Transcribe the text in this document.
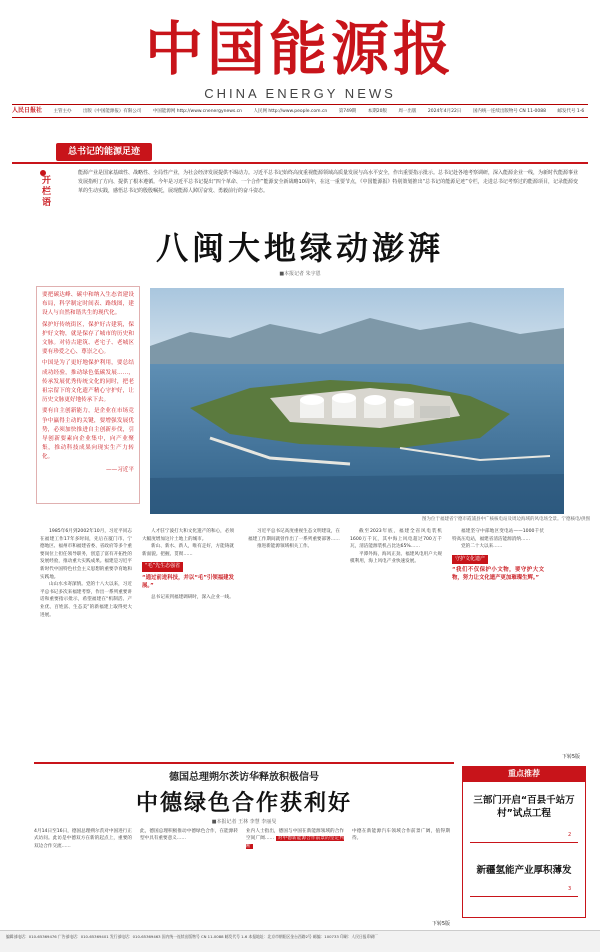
中国能源报
CHINA ENERGY NEWS
人民日报社	主管主办	出版《中国能源报》有限公司	中国能源网 http://www.cnenergynews.cn	人民网 http://www.people.com.cn	第749期	本期20版	周一出版	2024年4月22日	国内统一连续出版物号 CN 11-0088	邮发代号 1-6
总书记的能源足迹
开栏语
能源产业是国家基础性、战略性、全局性产业，为社会经济发展提供不竭动力。习近平总书记始终高度重视能源领域高质量发展与高水平安全，作出重要指示批示。总书记赴各地考察调研，深入能源企业一线，为新时代能源事业发展指明了方向、提供了根本遵循。今年是习近平总书记提出“四个革命、一个合作”能源安全新战略10周年，在这一重要节点，《中国能源报》特别策划推出“总书记的能源足迹”专栏，走进总书记考察过的能源项目，记录能源变革的生动实践，感悟总书记的殷殷嘱托，展现能源人踔厉奋发、勇毅前行的奋斗姿态。
八闽大地绿动澎湃
■本报记者 朱宇恩

要把碳达峰、碳中和纳入生态省建设布局，科学制定时间表、路线图，建设人与自然和谐共生的现代化。

保护好传统街区，保护好古建筑，保护好文物，就是保存了城市的历史和文脉。对待古建筑、老宅子、老城区要有珍爱之心、尊崇之心。

中国是为了更好地保护利用，要总结成功经验，推动绿色低碳发展……，传承发展优秀传统文化的同时，把老祖宗留下的文化遗产精心守护好，让历史文脉更好地传承下去。

要有自主创新能力，是企业在市场竞争中赢得主动的关键，要增强发展优势，必须加快推进自主创新步伐，引导创新要素向企业集中，向产业聚集，推动科技成果向现实生产力转化。

——习近平
图为位于福建省宁德市霞浦县中广核核电站及周边海域的风电场全景。宁德核电/供图

1985年6月到2002年10月，习近平同志在福建工作17年多时间，先后在厦门市、宁德地区、福州市和福建省委、省政府等多个重要岗位上担任领导职务，创造了富有开拓性的发展经验，推动重大实践成果。福建是习近平新时代中国特色社会主义思想的重要孕育地和实践地。

山山水水寄深情。党的十八大以来，习近平总书记多次来福建考察，作出一系列重要讲话和重要指示批示，希望福建在“机制活、产业优、百姓富、生态美”的新福建上取得更大进展。

人才驻宁波打大和文化遗产的和心，必须大幅度增加这片土地上的城市。

新山、新水、新人，唯有走好，方能铸就新面貌。把握、贯彻……

“毛”先生态强省
“通过前进科技，并以“毛”引领福建发展。”

总书记来到福建调研时，深入企业一线。

习近平总书记高度重视生态文明建设，在福建工作期间就曾作出了一系列重要部署……

推进新能源领域相关工作。

截至2023年底，福建全省风电装机1600万千瓦，其中海上风电超过700万千瓦，清洁能源装机占比达65%……

平潭外海，海风正劲。福建风电用户大规模利用，海上风电产业快速发展。

福建坚守中部地区变电站——1000千伏特高压电站，福建省清洁能源消纳……

党的二十大以来……

守护文化遗产
“我们不仅保护小文物，要守护大文物，努力让文化遗产更加璀璨生辉。”
下转5版
德国总理朔尔茨访华释放积极信号
中德绿色合作获利好
■本报记者 王林 李慧 李丽旻
4月14日至16日，德国总理朔尔茨对中国进行正式访问。此访是中德双方在新的起点上，重要的双边合作交流……
此，德国总理积极推动中德绿色合作，在能源转型中具有重要意义……
业内人士指出，德国与中国在新能源领域的合作空间广阔…… 对中德新能源合作前景的坚定判断
中德在新能源汽车领域合作前景广阔，值得期待。
下转5版
重点推荐
三部门开启“百县千站万村”试点工程
2
新疆氢能产业厚积薄发
3
编辑部电话：010-65369476 广告部电话：010-65369401 发行部电话：010-65369463 国内统一连续出版物号 CN 11-0088 邮发代号 1-6 本报地址：北京市朝阳区金台西路2号 邮编：100733 印刷：人民日报印刷厂
